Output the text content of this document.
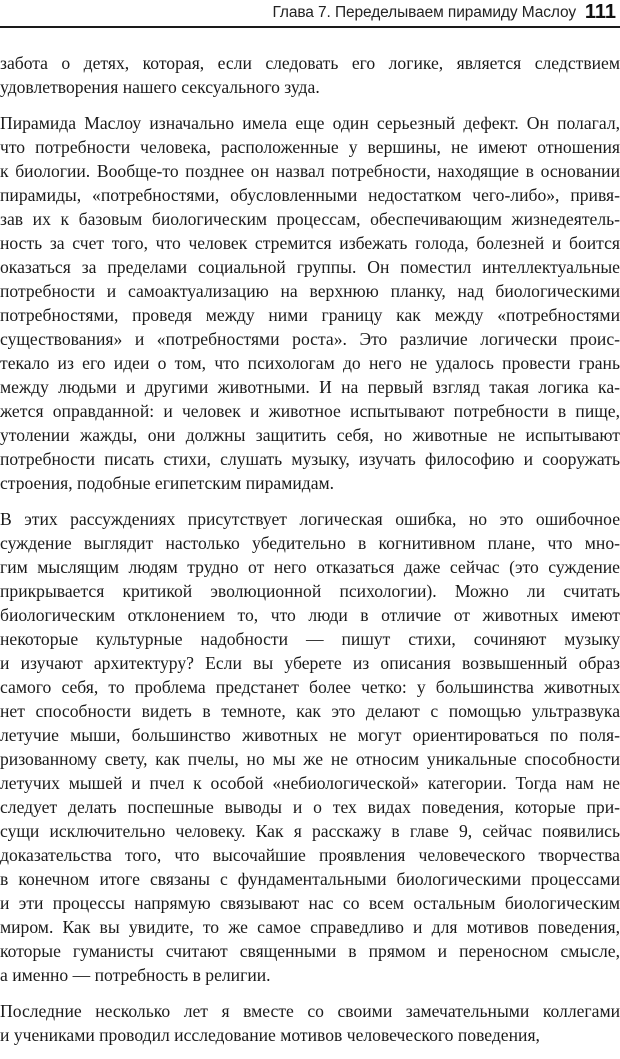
Глава 7. Переделываем пирамиду Маслоу 111
забота о детях, которая, если следовать его логике, является следствием
удовлетворения нашего сексуального зуда.
Пирамида Маслоу изначально имела еще один серьезный дефект. Он полагал,
что потребности человека, расположенные у вершины, не имеют отношения
к биологии. Вообще-то позднее он назвал потребности, находящие в основании
пирамиды, «потребностями, обусловленными недостатком чего-либо», привя-
зав их к базовым биологическим процессам, обеспечивающим жизнедеятель-
ность за счет того, что человек стремится избежать голода, болезней и боится
оказаться за пределами социальной группы. Он поместил интеллектуальные
потребности и самоактуализацию на верхнюю планку, над биологическими
потребностями, проведя между ними границу как между «потребностями
существования» и «потребностями роста». Это различие логически проис-
текало из его идеи о том, что психологам до него не удалось провести грань
между людьми и другими животными. И на первый взгляд такая логика ка-
жется оправданной: и человек и животное испытывают потребности в пище,
утолении жажды, они должны защитить себя, но животные не испытывают
потребности писать стихи, слушать музыку, изучать философию и сооружать
строения, подобные египетским пирамидам.
В этих рассуждениях присутствует логическая ошибка, но это ошибочное
суждение выглядит настолько убедительно в когнитивном плане, что мно-
гим мыслящим людям трудно от него отказаться даже сейчас (это суждение
прикрывается критикой эволюционной психологии). Можно ли считать
биологическим отклонением то, что люди в отличие от животных имеют
некоторые культурные надобности — пишут стихи, сочиняют музыку
и изучают архитектуру? Если вы уберете из описания возвышенный образ
самого себя, то проблема предстанет более четко: у большинства животных
нет способности видеть в темноте, как это делают с помощью ультразвука
летучие мыши, большинство животных не могут ориентироваться по поля-
ризованному свету, как пчелы, но мы же не относим уникальные способности
летучих мышей и пчел к особой «небиологической» категории. Тогда нам не
следует делать поспешные выводы и о тех видах поведения, которые при-
сущи исключительно человеку. Как я расскажу в главе 9, сейчас появились
доказательства того, что высочайшие проявления человеческого творчества
в конечном итоге связаны с фундаментальными биологическими процессами
и эти процессы напрямую связывают нас со всем остальным биологическим
миром. Как вы увидите, то же самое справедливо и для мотивов поведения,
которые гуманисты считают священными в прямом и переносном смысле,
а именно — потребность в религии.
Последние несколько лет я вместе со своими замечательными коллегами
и учениками проводил исследование мотивов человеческого поведения,
